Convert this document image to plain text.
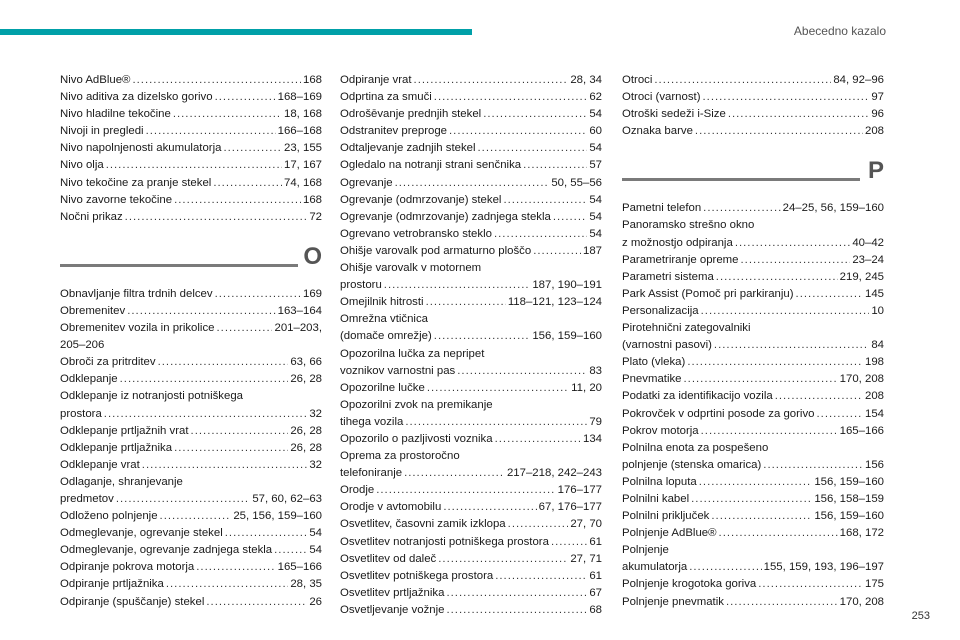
Abecedno kazalo
Nivo AdBlue® .....	168
Nivo aditiva za dizelsko gorivo .....	168–169
Nivo hladilne tekočine .....	18, 168
Nivoji in pregledi .....	166–168
Nivo napolnjenosti akumulatorja .....	23, 155
Nivo olja .....	17, 167
Nivo tekočine za pranje stekel .....	74, 168
Nivo zavorne tekočine .....	168
Nočni prikaz .....	72
O
Obnavljanje filtra trdnih delcev .....	169
Obremenitev .....	163–164
Obremenitev vozila in prikolice .....	201–203,
205–206
Obroči za pritrditev .....	63, 66
Odklepanje .....	26, 28
Odklepanje iz notranjosti potniškega
prostora .....	32
Odklepanje prtljažnih vrat .....	26, 28
Odklepanje prtljažnika .....	26, 28
Odklepanje vrat .....	32
Odlaganje, shranjevanje
predmetov .....	57, 60, 62–63
Odloženo polnjenje .....	25, 156, 159–160
Odmeglevanje, ogrevanje stekel .....	54
Odmeglevanje, ogrevanje zadnjega stekla .....	54
Odpiranje pokrova motorja .....	165–166
Odpiranje prtljažnika .....	28, 35
Odpiranje (spuščanje) stekel .....	26
Odpiranje vrat .....	28, 34
Odprtina za smuči .....	62
Odrošēvanje prednjih stekel .....	54
Odstranitev preproge .....	60
Odtaljevanje zadnjih stekel .....	54
Ogledalo na notranji strani senčnika .....	57
Ogrevanje .....	50, 55–56
Ogrevanje (odmrzovanje) stekel .....	54
Ogrevanje (odmrzovanje) zadnjega stekla .....	54
Ogrevano vetrobransko steklo .....	54
Ohišje varovalk pod armaturno ploščo .....	187
Ohišje varovalk v motornem
prostoru .....	187, 190–191
Omejilnik hitrosti .....	118–121, 123–124
Omrežna vtičnica
(domače omrežje) .....	156, 159–160
Opozorilna lučka za nepripet
voznikov varnostni pas .....	83
Opozorilne lučke .....	11, 20
Opozorilni zvok na premikanje
tihega vozila .....	79
Opozorilo o pazljivosti voznika .....	134
Oprema za prostoročno
telefoniranje .....	217–218, 242–243
Orodje .....	176–177
Orodje v avtomobilu .....	67, 176–177
Osvetlitev, časovni zamik izklopa .....	27, 70
Osvetlitev notranjosti potniškega prostora .....	61
Osvetlitev od daleč .....	27, 71
Osvetlitev potniškega prostora .....	61
Osvetlitev prtljažnika .....	67
Osvetljevanje vožnje .....	68
Otroci .....	84, 92–96
Otroci (varnost) .....	97
Otroški sedeži i-Size .....	96
Oznaka barve .....	208
P
Pametni telefon .....	24–25, 56, 159–160
Panoramsko strešno okno
z možnostjo odpiranja .....	40–42
Parametriranje opreme .....	23–24
Parametri sistema .....	219, 245
Park Assist (Pomoč pri parkiranju) .....	145
Personalizacija .....	10
Pirotehnični zategovalniki
(varnostni pasovi) .....	84
Plato (vleka) .....	198
Pnevmatike .....	170, 208
Podatki za identifikacijo vozila .....	208
Pokrovček v odprtini posode za gorivo .....	154
Pokrov motorja .....	165–166
Polnilna enota za pospešeno
polnjenje (stenska omarica) .....	156
Polnilna loputa .....	156, 159–160
Polnilni kabel .....	156, 158–159
Polnilni priključek .....	156, 159–160
Polnjenje AdBlue® .....	168, 172
Polnjenje
akumulatorja .....	155, 159, 193, 196–197
Polnjenje krogotoka goriva .....	175
Polnjenje pnevmatik .....	170, 208
253
